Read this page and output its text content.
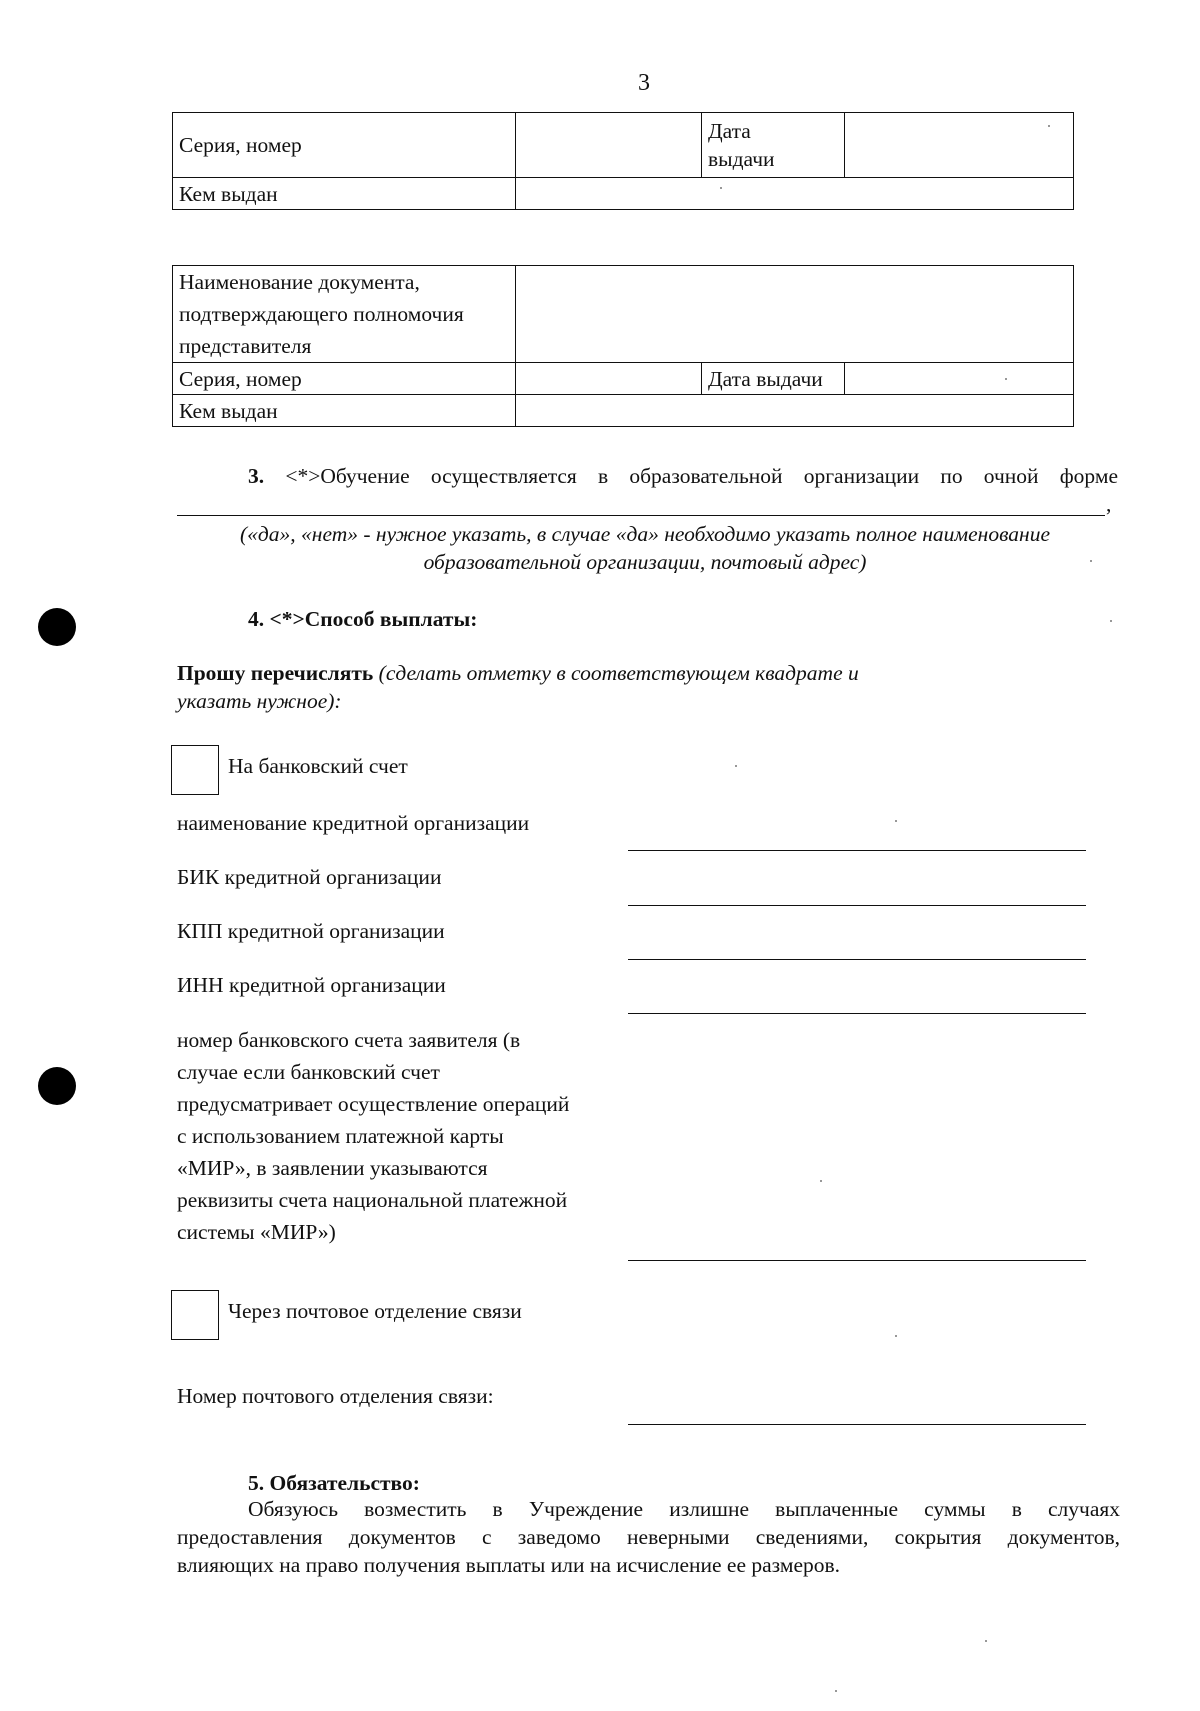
3
Серия, номер		Дата
выдачи	
Кем выдан			
Наименование документа,
подтверждающего полномочия
представителя			
Серия, номер		Дата выдачи	
Кем выдан			
3. <*>Обучение осуществляется в образовательной организации по очной форме
,
(«да», «нет» - нужное указать, в случае «да» необходимо указать полное наименование
образовательной организации, почтовый адрес)
4. <*>Способ выплаты:
Прошу перечислять (сделать отметку в соответствующем квадрате и
указать нужное):
На банковский счет
наименование кредитной организации
БИК кредитной организации
КПП кредитной организации
ИНН кредитной организации
номер банковского счета заявителя (в
случае если банковский счет
предусматривает осуществление операций
с использованием платежной карты
«МИР», в заявлении указываются
реквизиты счета национальной платежной
системы «МИР»)
Через почтовое отделение связи
Номер почтового отделения связи:
5. Обязательство:
Обязуюсь возместить в Учреждение излишне выплаченные суммы в случаях
предоставления документов с заведомо неверными сведениями, сокрытия документов,
влияющих на право получения выплаты или на исчисление ее размеров.
